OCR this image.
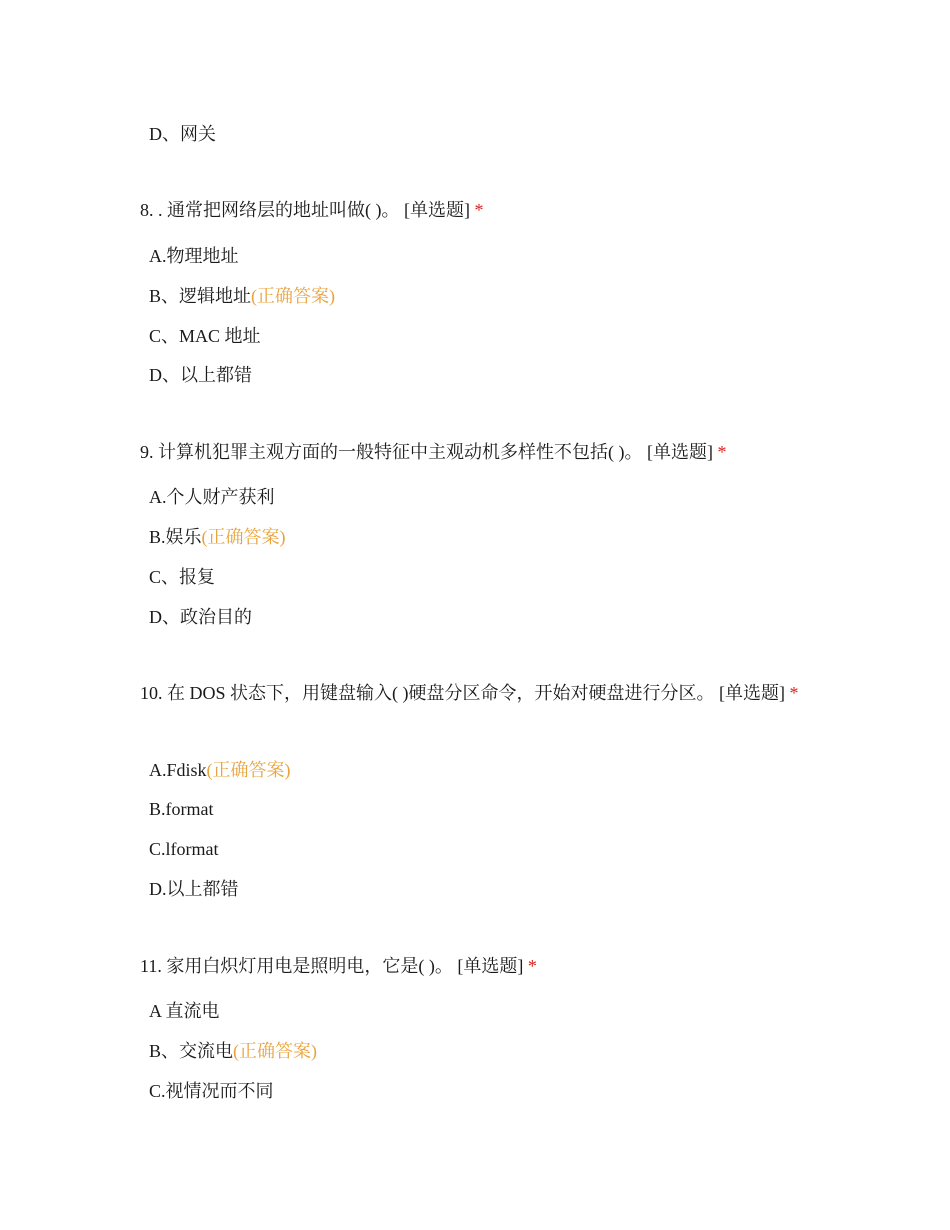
D、网关
8. . 通常把网络层的地址叫做( )。 [单选题] *
A.物理地址
B、逻辑地址(正确答案)
C、MAC 地址
D、以上都错
9. 计算机犯罪主观方面的一般特征中主观动机多样性不包括( )。 [单选题] *
A.个人财产获利
B.娱乐(正确答案)
C、报复
D、政治目的
10. 在 DOS 状态下，用键盘输入( )硬盘分区命令，开始对硬盘进行分区。 [单选题] *
A.Fdisk(正确答案)
B.format
C.lformat
D.以上都错
11. 家用白炽灯用电是照明电，它是( )。 [单选题] *
A 直流电
B、交流电(正确答案)
C.视情况而不同
